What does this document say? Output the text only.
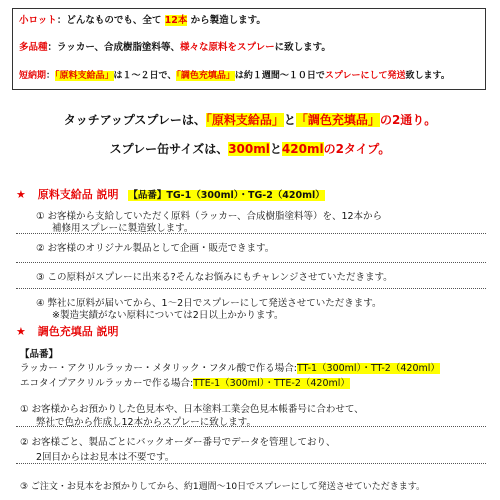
小ロット：どんなものでも、全て 12本 から製造します。
多品種：ラッカー、合成樹脂塗料等、様々な原料をスプレーに致します。
短納期：「原料支給品」は１～２日で、「調色充填品」は約１週間～１０日でスプレーにして発送致します。
タッチアップスプレーは、「原料支給品」と「調色充填品」の2通り。
スプレー缶サイズは、300mlと420mlの2タイプ。
★ 原料支給品 説明 【品番】TG-1（300ml）・TG-2（420ml）
① お客様から支給していただく原料（ラッカー、合成樹脂塗料等）を、12本から
補修用スプレーに製造致します。
② お客様のオリジナル製品として企画・販売できます。
③ この原料がスプレーに出来る?そんなお悩みにもチャレンジさせていただきます。
④ 弊社に原料が届いてから、1～2日でスプレーにして発送させていただきます。
※製造実績がない原料については2日以上かかります。
★ 調色充填品 説明
【品番】
ラッカー・アクリルラッカー・メタリック・フタル酸で作る場合:TT-1（300ml）・TT-2（420ml）
エコタイプアクリルラッカーで作る場合:TTE-1（300ml）・TTE-2（420ml）
① お客様からお預かりした色見本や、日本塗料工業会色見本帳番号に合わせて、
弊社で色から作成し12本からスプレーに致します。
② お客様ごと、製品ごとにバックオーダー番号でデータを管理しており、
2回目からはお見本は不要です。
③ ご注文・お見本をお預かりしてから、約1週間～10日でスプレーにして発送させていただきます。
